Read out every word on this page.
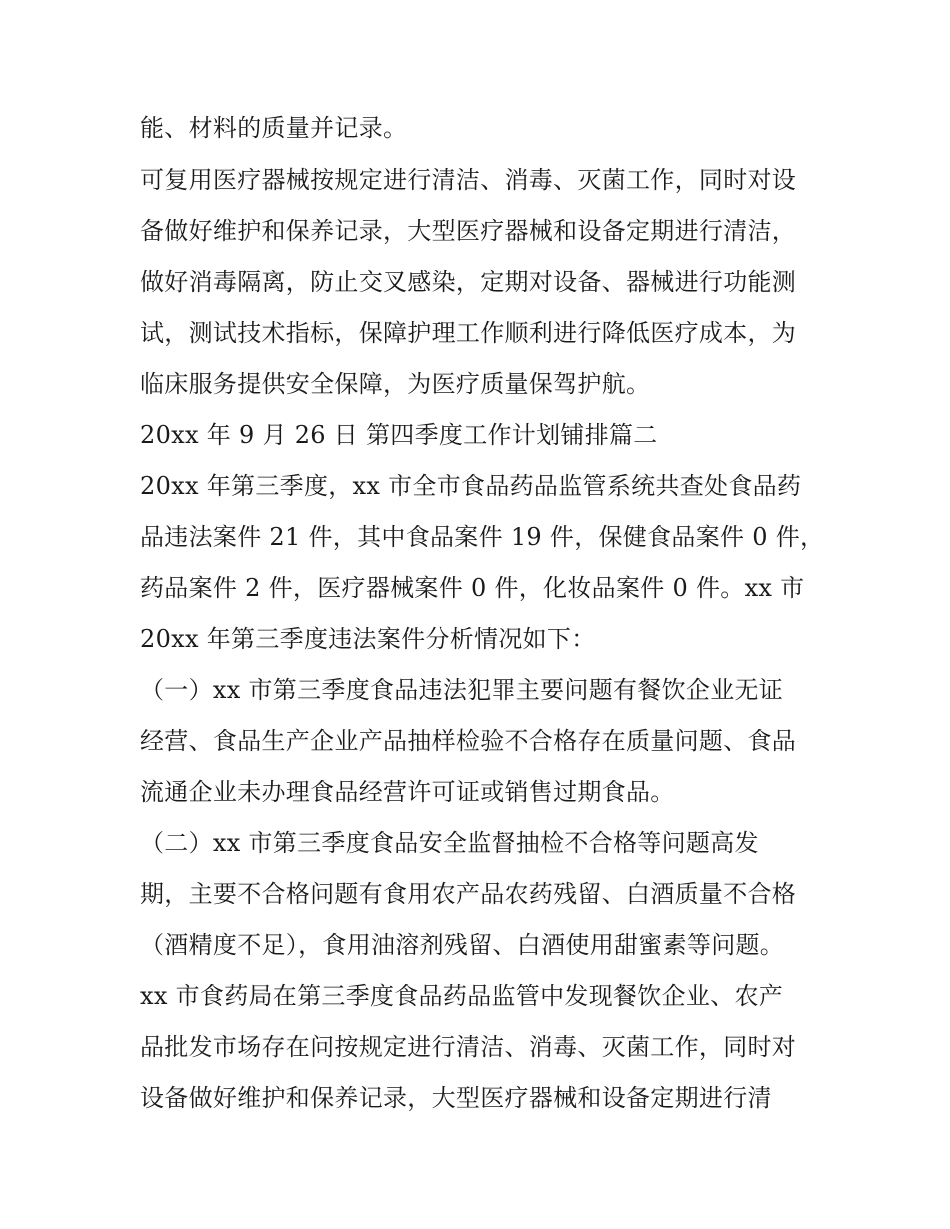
能、材料的质量并记录。
可复用医疗器械按规定进行清洁、消毒、灭菌工作，同时对设
备做好维护和保养记录，大型医疗器械和设备定期进行清洁，
做好消毒隔离，防止交叉感染，定期对设备、器械进行功能测
试，测试技术指标，保障护理工作顺利进行降低医疗成本，为
临床服务提供安全保障，为医疗质量保驾护航。
20xx 年 9 月 26 日 第四季度工作计划铺排篇二
20xx 年第三季度，xx 市全市食品药品监管系统共查处食品药
品违法案件 21 件，其中食品案件 19 件，保健食品案件 0 件，
药品案件 2 件，医疗器械案件 0 件，化妆品案件 0 件。xx 市
20xx 年第三季度违法案件分析情况如下：
（一）xx 市第三季度食品违法犯罪主要问题有餐饮企业无证
经营、食品生产企业产品抽样检验不合格存在质量问题、食品
流通企业未办理食品经营许可证或销售过期食品。
（二）xx 市第三季度食品安全监督抽检不合格等问题高发
期，主要不合格问题有食用农产品农药残留、白酒质量不合格
（酒精度不足），食用油溶剂残留、白酒使用甜蜜素等问题。
xx 市食药局在第三季度食品药品监管中发现餐饮企业、农产
品批发市场存在问按规定进行清洁、消毒、灭菌工作，同时对
设备做好维护和保养记录，大型医疗器械和设备定期进行清
